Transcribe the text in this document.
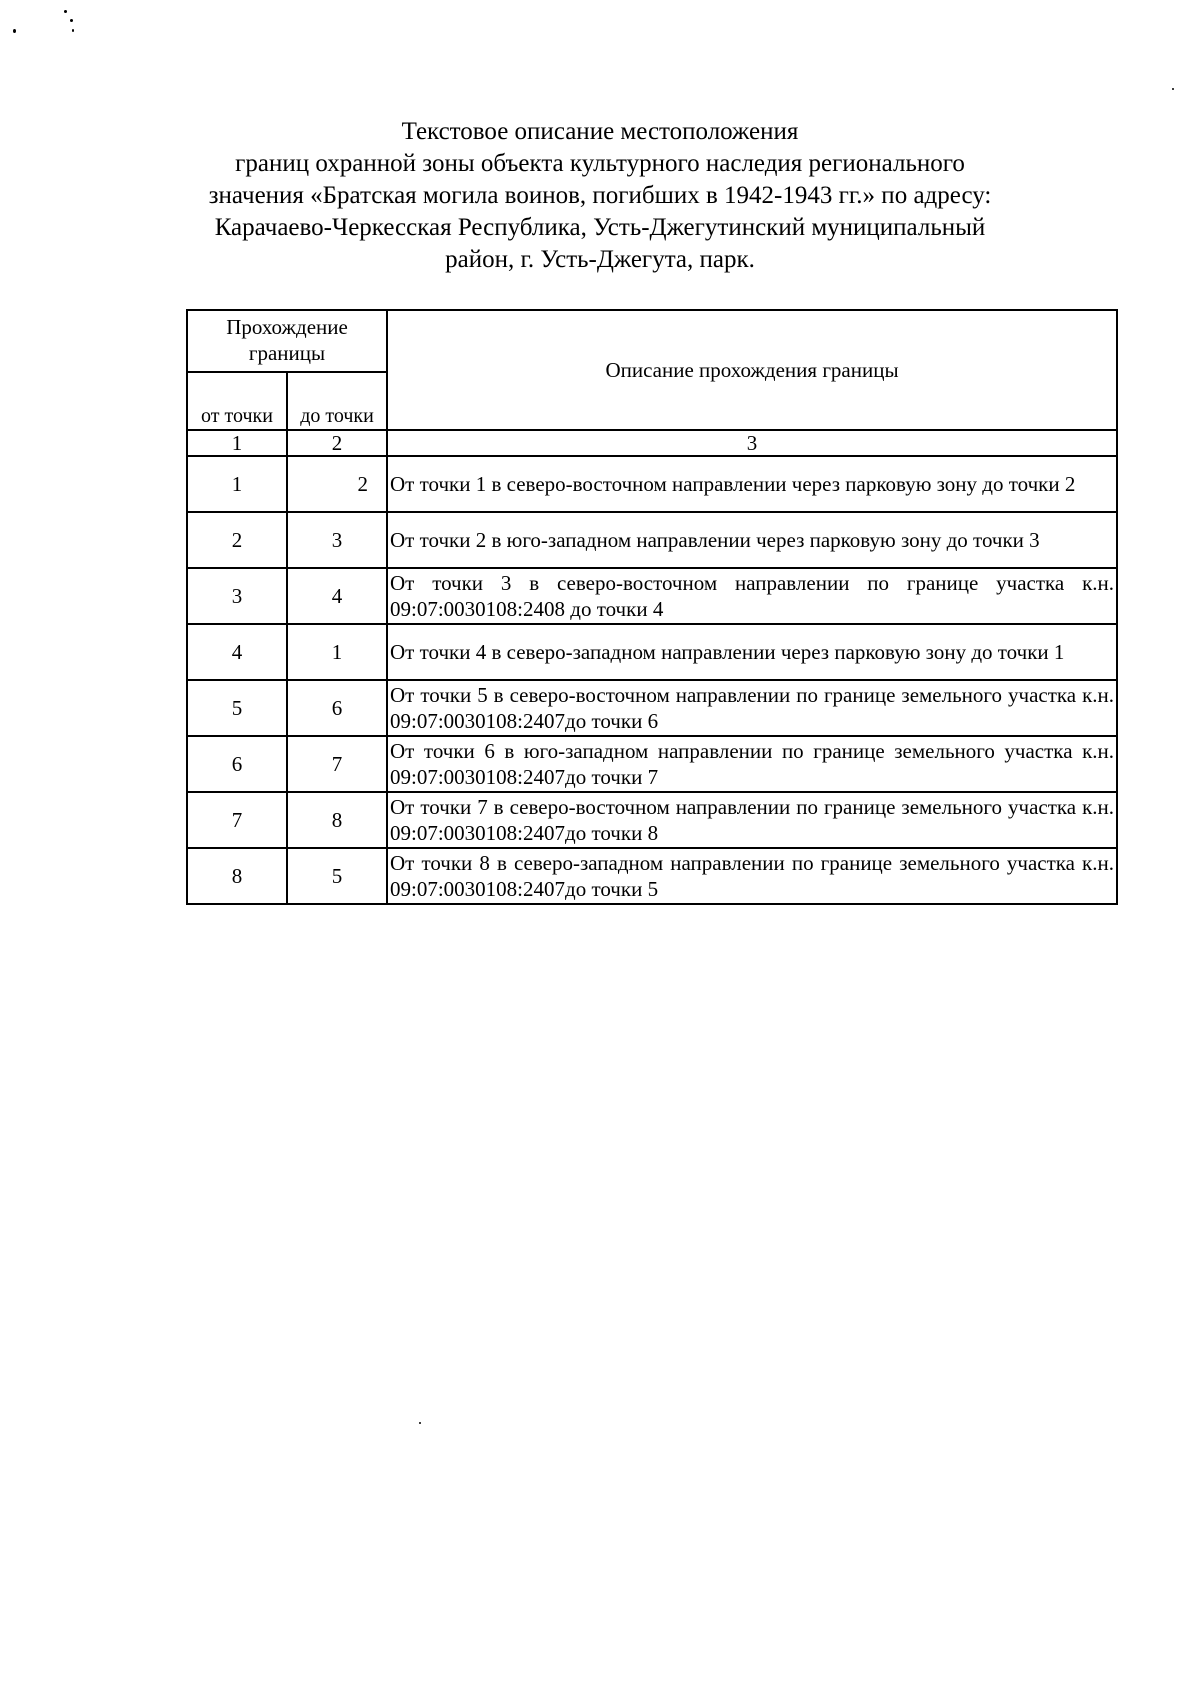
Текстовое описание местоположения
границ охранной зоны объекта культурного наследия регионального
значения «Братская могила воинов, погибших в 1942-1943 гг.» по адресу:
Карачаево-Черкесская Республика, Усть-Джегутинский муниципальный
район, г. Усть-Джегута, парк.
Прохождение границы		Описание прохождения границы
от точки	до точки	
1	2	3
1	2	От точки 1 в северо-восточном направлении через парковую зону до точки 2
2	3	От точки 2 в юго-западном направлении через парковую зону до точки 3
3	4	От точки 3 в северо-восточном направлении по границе участка к.н. 09:07:0030108:2408 до точки 4
4	1	От точки 4 в северо-западном направлении через парковую зону до точки 1
5	6	От точки 5 в северо-восточном направлении по границе земельного участка к.н. 09:07:0030108:2407до точки 6
6	7	От точки 6 в юго-западном направлении по границе земельного участка к.н. 09:07:0030108:2407до точки 7
7	8	От точки 7 в северо-восточном направлении по границе земельного участка к.н. 09:07:0030108:2407до точки 8
8	5	От точки 8 в северо-западном направлении по границе земельного участка к.н. 09:07:0030108:2407до точки 5
